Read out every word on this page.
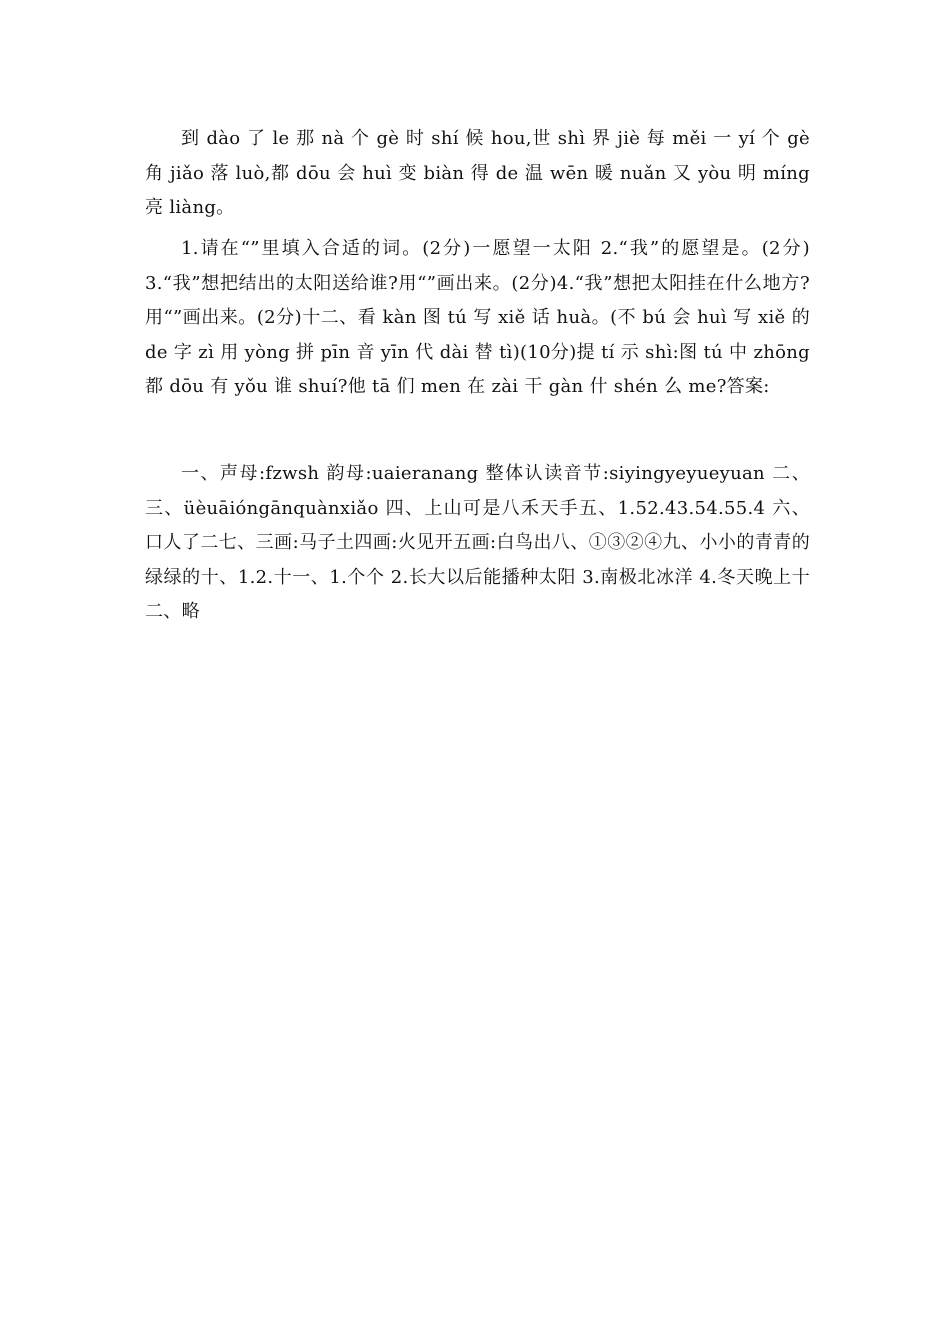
到 dào 了 le 那 nà 个 gè 时 shí 候 hou,世 shì 界 jiè 每 měi 一 yí 个 gè 角 jiǎo 落 luò,都 dōu 会 huì 变 biàn 得 de 温 wēn 暖 nuǎn 又 yòu 明 míng 亮 liàng。

1.请在“”里填入合适的词。(2分)一愿望一太阳 2.“我”的愿望是。(2分)3.“我”想把结出的太阳送给谁?用“”画出来。(2分)4.“我”想把太阳挂在什么地方?用“”画出来。(2分)十二、看 kàn 图 tú 写 xiě 话 huà。(不 bú 会 huì 写 xiě 的 de 字 zì 用 yòng 拼 pīn 音 yīn 代 dài 替 tì)(10分)提 tí 示 shì:图 tú 中 zhōng 都 dōu 有 yǒu 谁 shuí?他 tā 们 men 在 zài 干 gàn 什 shén 么 me?答案:

一、声母:fzwsh 韵母:uaieranang 整体认读音节:siyingyeyueyuan 二、三、üèuāióngānquànxiǎo 四、上山可是八禾天手五、1.52.43.54.55.4 六、口人了二七、三画:马子土四画:火见开五画:白鸟出八、①③②④九、小小的青青的绿绿的十、1.2.十一、1.个个 2.长大以后能播种太阳 3.南极北冰洋 4.冬天晚上十二、略
